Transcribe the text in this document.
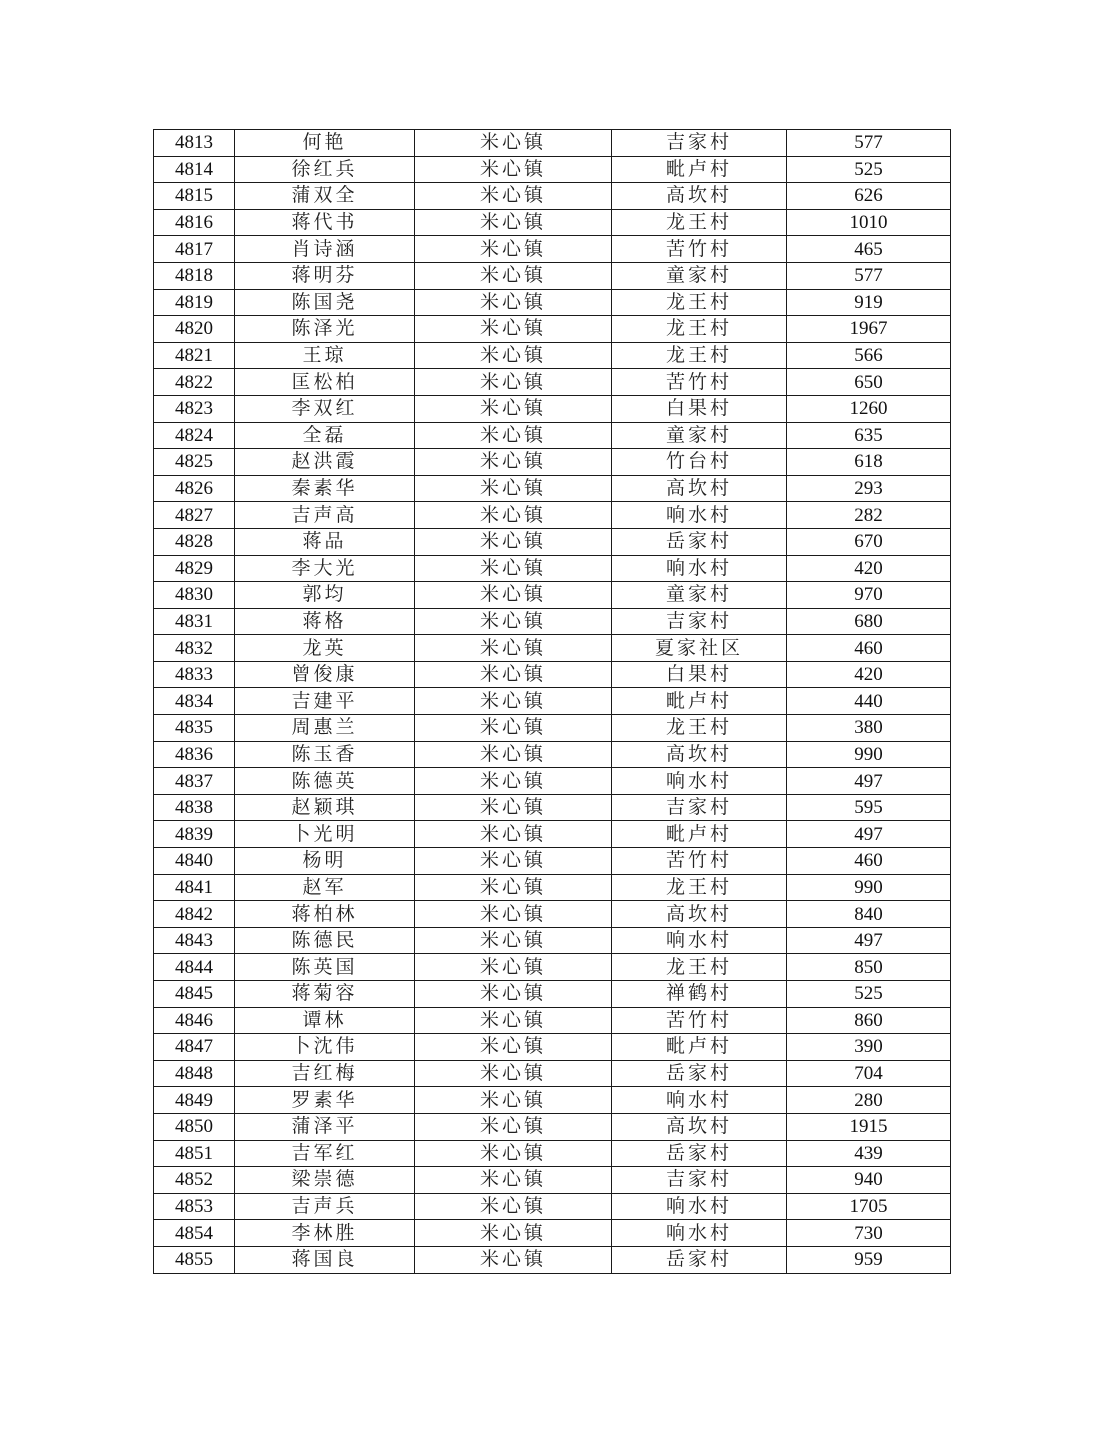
4813	何艳	米心镇	吉家村	577
4814	徐红兵	米心镇	毗卢村	525
4815	蒲双全	米心镇	高坎村	626
4816	蒋代书	米心镇	龙王村	1010
4817	肖诗涵	米心镇	苦竹村	465
4818	蒋明芬	米心镇	童家村	577
4819	陈国尧	米心镇	龙王村	919
4820	陈泽光	米心镇	龙王村	1967
4821	王琼	米心镇	龙王村	566
4822	匡松柏	米心镇	苦竹村	650
4823	李双红	米心镇	白果村	1260
4824	全磊	米心镇	童家村	635
4825	赵洪霞	米心镇	竹台村	618
4826	秦素华	米心镇	高坎村	293
4827	吉声高	米心镇	响水村	282
4828	蒋品	米心镇	岳家村	670
4829	李大光	米心镇	响水村	420
4830	郭均	米心镇	童家村	970
4831	蒋格	米心镇	吉家村	680
4832	龙英	米心镇	夏家社区	460
4833	曾俊康	米心镇	白果村	420
4834	吉建平	米心镇	毗卢村	440
4835	周惠兰	米心镇	龙王村	380
4836	陈玉香	米心镇	高坎村	990
4837	陈德英	米心镇	响水村	497
4838	赵颖琪	米心镇	吉家村	595
4839	卜光明	米心镇	毗卢村	497
4840	杨明	米心镇	苦竹村	460
4841	赵军	米心镇	龙王村	990
4842	蒋柏林	米心镇	高坎村	840
4843	陈德民	米心镇	响水村	497
4844	陈英国	米心镇	龙王村	850
4845	蒋菊容	米心镇	禅鹤村	525
4846	谭林	米心镇	苦竹村	860
4847	卜沈伟	米心镇	毗卢村	390
4848	吉红梅	米心镇	岳家村	704
4849	罗素华	米心镇	响水村	280
4850	蒲泽平	米心镇	高坎村	1915
4851	吉军红	米心镇	岳家村	439
4852	梁崇德	米心镇	吉家村	940
4853	吉声兵	米心镇	响水村	1705
4854	李林胜	米心镇	响水村	730
4855	蒋国良	米心镇	岳家村	959
